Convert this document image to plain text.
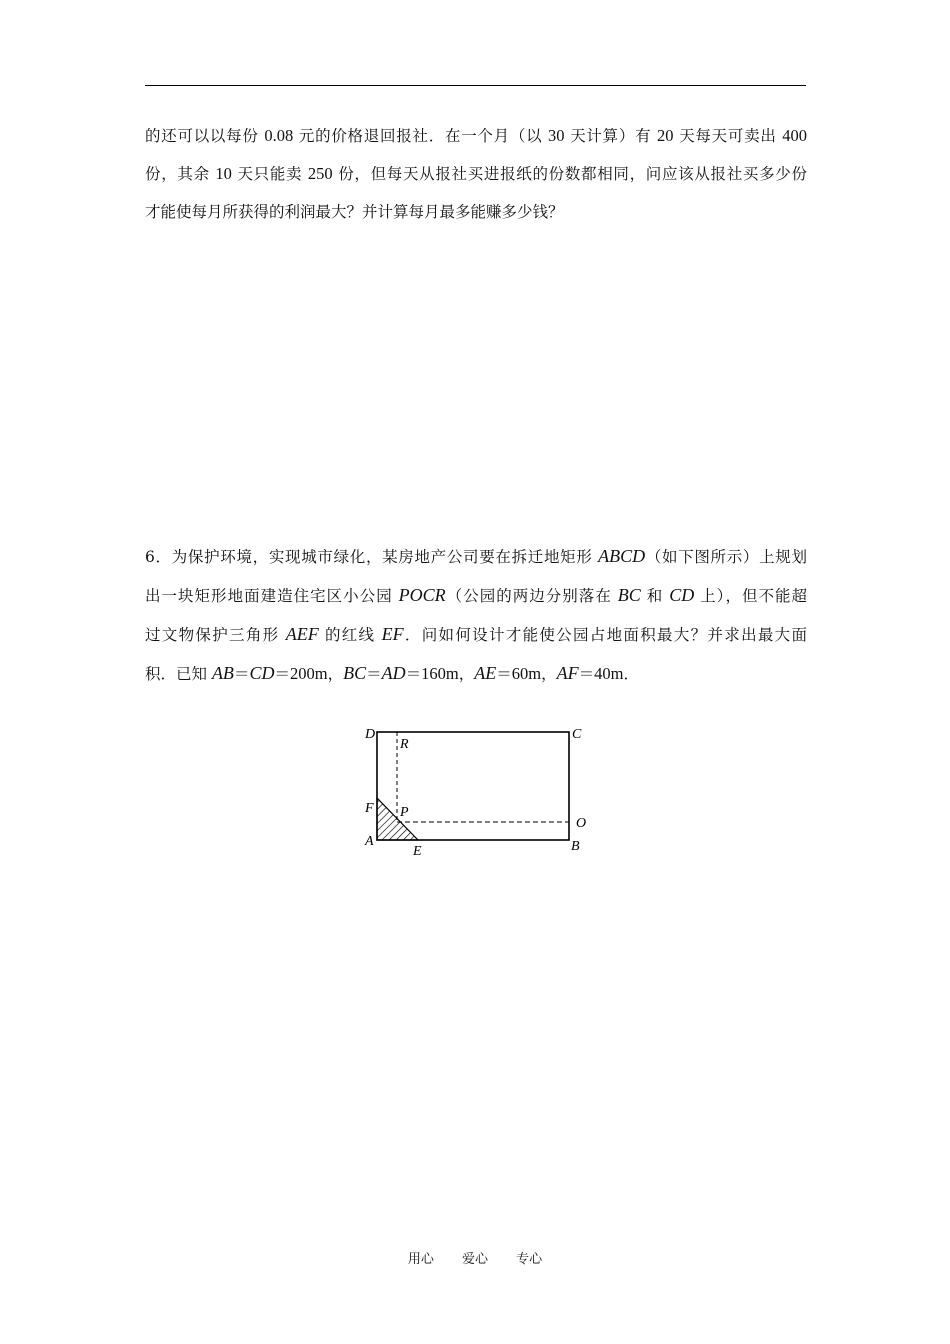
的还可以以每份 0.08 元的价格退回报社．在一个月（以 30 天计算）有 20 天每天可卖出 400
份，其余 10 天只能卖 250 份，但每天从报社买进报纸的份数都相同，问应该从报社买多少份
才能使每月所获得的利润最大？并计算每月最多能赚多少钱？
6．为保护环境，实现城市绿化，某房地产公司要在拆迁地矩形 ABCD（如下图所示）上规划
出一块矩形地面建造住宅区小公园 POCR（公园的两边分别落在 BC 和 CD 上），但不能超
过文物保护三角形 AEF 的红线 EF．问如何设计才能使公园占地面积最大？并求出最大面
积．已知 AB＝CD＝200m，BC＝AD＝160m，AE＝60m，AF＝40m．
D
R
C
F P
O
A
E	B
用心 爱心 专心
